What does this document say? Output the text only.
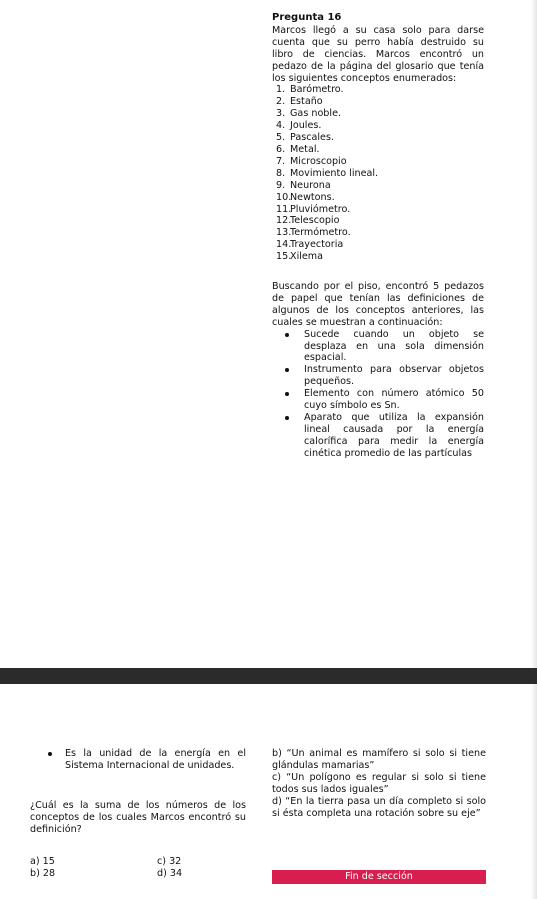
Pregunta 16

Marcos llegó a su casa solo para darse cuenta que su perro había destruido su libro de ciencias. Marcos encontró un pedazo de la página del glosario que tenía los siguientes conceptos enumerados:

1. Barómetro.
2. Estaño
3. Gas noble.
4. Joules.
5. Pascales.
6. Metal.
7. Microscopio
8. Movimiento lineal.
9. Neurona
10.
Newtons.
11.
Pluviómetro.
12.
Telescopio
13.
Termómetro.
14.
Trayectoria
15.
Xilema

Buscando por el piso, encontró 5 pedazos de papel que tenían las definiciones de algunos de los conceptos anteriores, las cuales se muestran a continuación:

Sucede cuando un objeto se desplaza en una sola dimensión espacial.
Instrumento para observar objetos pequeños.
Elemento con número atómico 50 cuyo símbolo es Sn.
Aparato que utiliza la expansión lineal causada por la energía calorífica para medir la energía cinética promedio de las partículas
Es la unidad de la energía en el Sistema Internacional de unidades.

¿Cuál es la suma de los números de los conceptos de los cuales Marcos encontró su definición?

a) 15
b) 28
c) 32
d) 34

b) “Un animal es mamífero si solo si tiene glándulas mamarias”

c) “Un polígono es regular si solo si tiene todos sus lados iguales”

d) “En la tierra pasa un día completo si solo si ésta completa una rotación sobre su eje”

Fin de sección
